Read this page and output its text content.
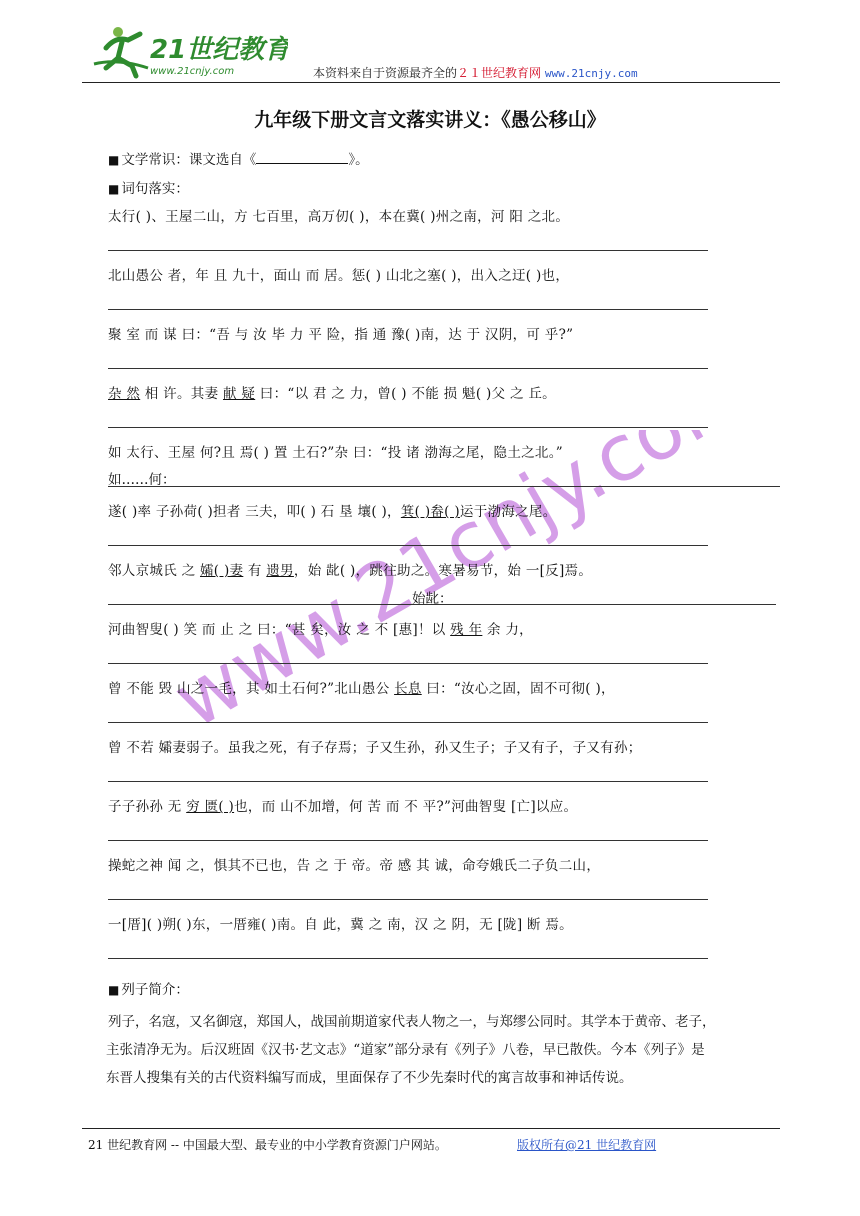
21世纪教育
www.21cnjy.com	本资料来自于资源最齐全的２１世纪教育网 www.21cnjy.com
www.21cnjy.com
九年级下册文言文落实讲义：《愚公移山》
■ 文学常识：课文选自《	》。
■ 词句落实：
太行( )、王屋二山，方 七百里，高万仞( )，本在冀( )州之南，河 阳 之北。
北山愚公 者，年 且 九十，面山 而 居。惩( ) 山北之塞( )，出入之迂( )也，
聚 室 而 谋 曰：“吾 与 汝 毕 力 平 险，指 通 豫( )南，达 于 汉阴，可 乎?”
杂 然 相 许。其妻 献 疑 曰：“以 君 之 力，曾( ) 不能 损 魁( )父 之 丘。
如 太行、王屋 何?且 焉( ) 置 土石?”杂 曰：“投 诸 渤海之尾，隐土之北。”
如……何：
遂( )率 子孙荷( )担者 三夫，叩( ) 石 垦 壤( )，箕( )畚( )运于渤海之尾。
邻人京城氏 之 孀( )妻 有 遗男，始 龀( )，跳往助之。寒暑易节，始 一[反]焉。
始龀：
河曲智叟( ) 笑 而 止 之 曰：“甚 矣，汝 之 不 [惠]！以 残 年 余 力，
曾 不能 毁 山之一毛，其 如土石何?”北山愚公 长息 曰：“汝心之固，固不可彻( )，
曾 不若 孀妻弱子。虽我之死，有子存焉；子又生孙，孙又生子；子又有子，子又有孙；
子子孙孙 无 穷 匮( )也，而 山不加增，何 苦 而 不 平?”河曲智叟 [亡]以应。
操蛇之神 闻 之，惧其不已也，告 之 于 帝。帝 感 其 诚，命夸娥氏二子负二山，
一[厝]( )朔( )东，一厝雍( )南。自 此，冀 之 南，汉 之 阴，无 [陇] 断 焉。
■ 列子简介：

列子，名寇，又名御寇，郑国人，战国前期道家代表人物之一，与郑缪公同时。其学本于黄帝、老子，

主张清净无为。后汉班固《汉书·艺文志》“道家”部分录有《列子》八卷，早已散佚。今本《列子》是

东晋人搜集有关的古代资料编写而成，里面保存了不少先秦时代的寓言故事和神话传说。

21 世纪教育网 -- 中国最大型、最专业的中小学教育资源门户网站。	版权所有@21 世纪教育网
